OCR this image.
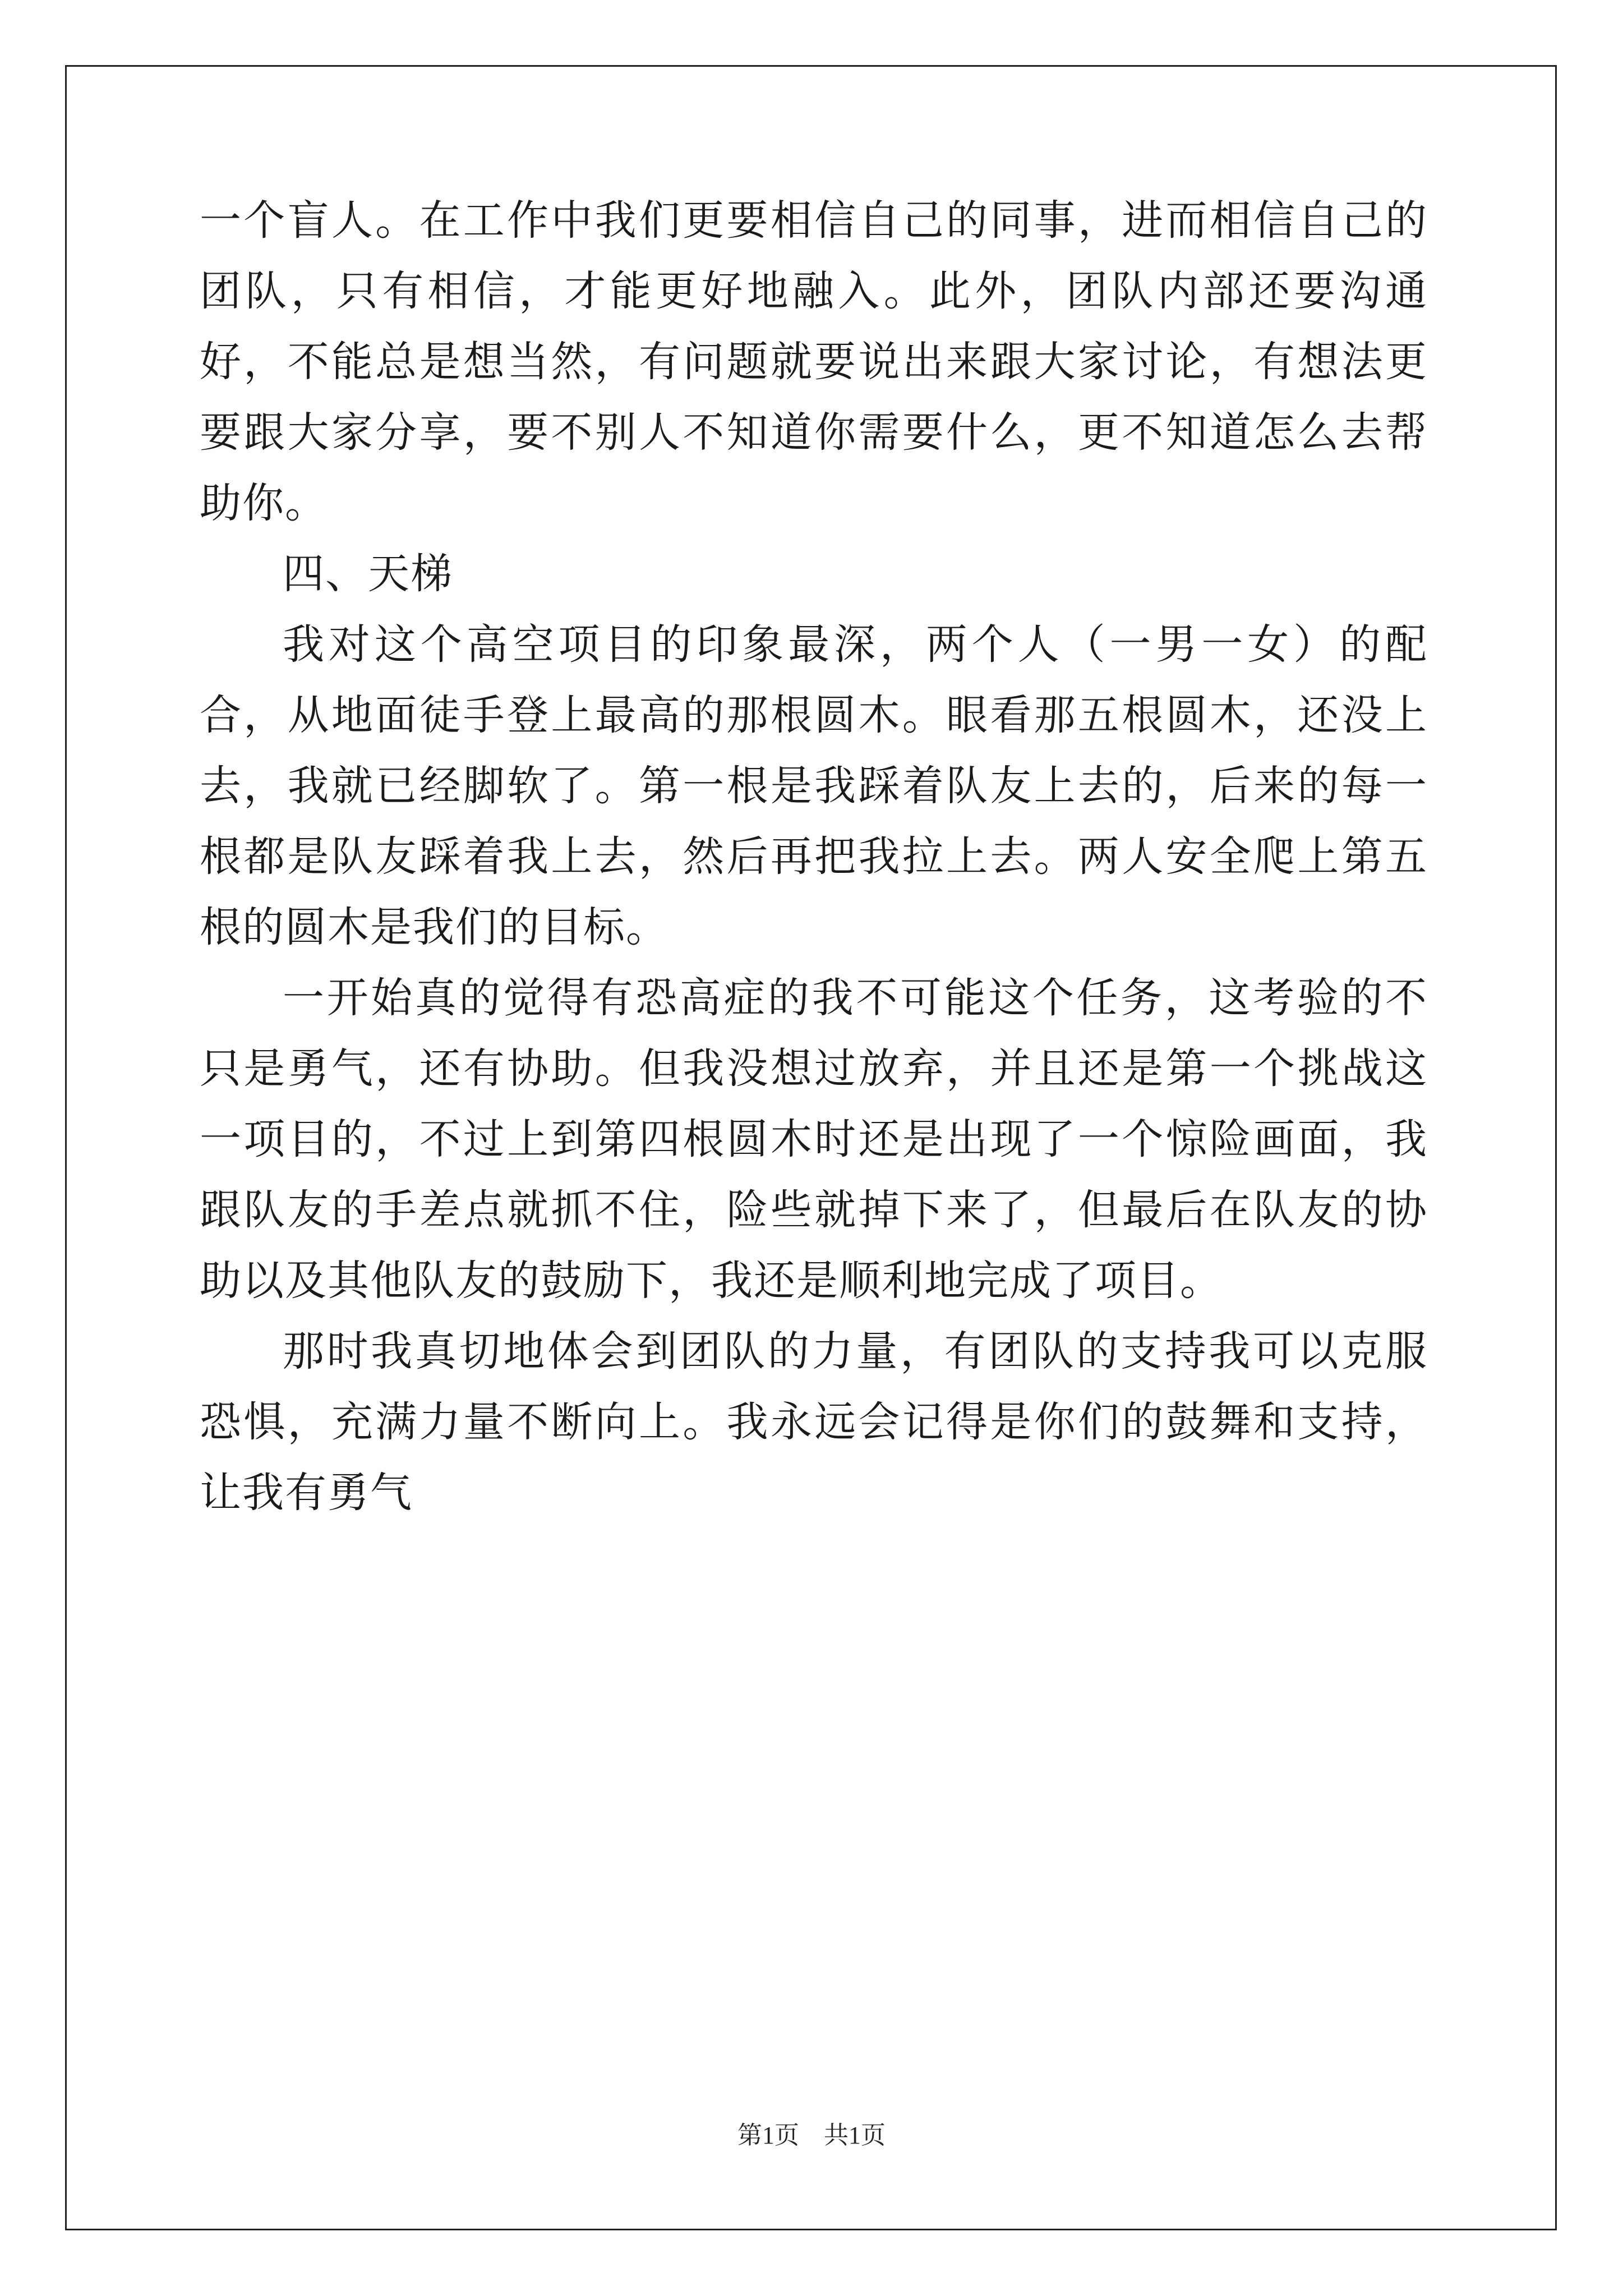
一个盲人。在工作中我们更要相信自己的同事，进而相信自己的团队，只有相信，才能更好地融入。此外，团队内部还要沟通好，不能总是想当然，有问题就要说出来跟大家讨论，有想法更要跟大家分享，要不别人不知道你需要什么，更不知道怎么去帮助你。

四、天梯

我对这个高空项目的印象最深，两个人（一男一女）的配合，从地面徒手登上最高的那根圆木。眼看那五根圆木，还没上去，我就已经脚软了。第一根是我踩着队友上去的，后来的每一根都是队友踩着我上去，然后再把我拉上去。两人安全爬上第五根的圆木是我们的目标。

一开始真的觉得有恐高症的我不可能这个任务，这考验的不只是勇气，还有协助。但我没想过放弃，并且还是第一个挑战这一项目的，不过上到第四根圆木时还是出现了一个惊险画面，我跟队友的手差点就抓不住，险些就掉下来了，但最后在队友的协助以及其他队友的鼓励下，我还是顺利地完成了项目。

那时我真切地体会到团队的力量，有团队的支持我可以克服恐惧，充满力量不断向上。我永远会记得是你们的鼓舞和支持，让我有勇气

第1页 共1页
